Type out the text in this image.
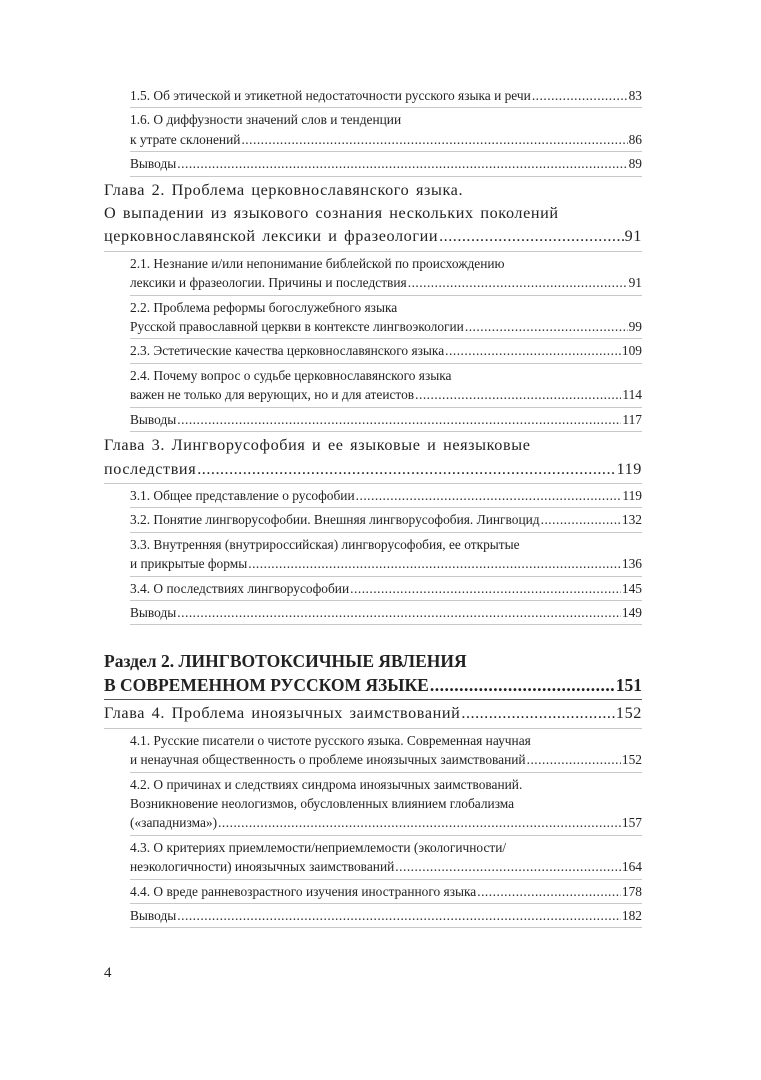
1.5. Об этической и этикетной недостаточности русского языка и речи .....	83
1.6. О диффузности значений слов и тенденции
к утрате склонений .....	86
Выводы .....	89
Глава 2. Проблема церковнославянского языка.
О выпадении из языкового сознания нескольких поколений
церковнославянской лексики и фразеологии .....	91
2.1. Незнание и/или непонимание библейской по происхождению
лексики и фразеологии. Причины и последствия .....	91
2.2. Проблема реформы богослужебного языка
Русской православной церкви в контексте лингвоэкологии .....	99
2.3. Эстетические качества церковнославянского языка .....	109
2.4. Почему вопрос о судьбе церковнославянского языка
важен не только для верующих, но и для атеистов .....	114
Выводы .....	117
Глава 3. Лингворусофобия и ее языковые и неязыковые
последствия .....	119
3.1. Общее представление о русофобии .....	119
3.2. Понятие лингворусофобии. Внешняя лингворусофобия. Лингвоцид .....	132
3.3. Внутренняя (внутрироссийская) лингворусофобия, ее открытые
и прикрытые формы .....	136
3.4. О последствиях лингворусофобии .....	145
Выводы .....	149
Раздел 2. ЛИНГВОТОКСИЧНЫЕ ЯВЛЕНИЯ
В СОВРЕМЕННОМ РУССКОМ ЯЗЫКЕ .....	151
Глава 4. Проблема иноязычных заимствований .....	152
4.1. Русские писатели о чистоте русского языка. Современная научная
и ненаучная общественность о проблеме иноязычных заимствований .....	152
4.2. О причинах и следствиях синдрома иноязычных заимствований.
Возникновение неологизмов, обусловленных влиянием глобализма
(«западнизма») .....	157
4.3. О критериях приемлемости/неприемлемости (экологичности/
неэкологичности) иноязычных заимствований .....	164
4.4. О вреде ранневозрастного изучения иностранного языка .....	178
Выводы .....	182
4
